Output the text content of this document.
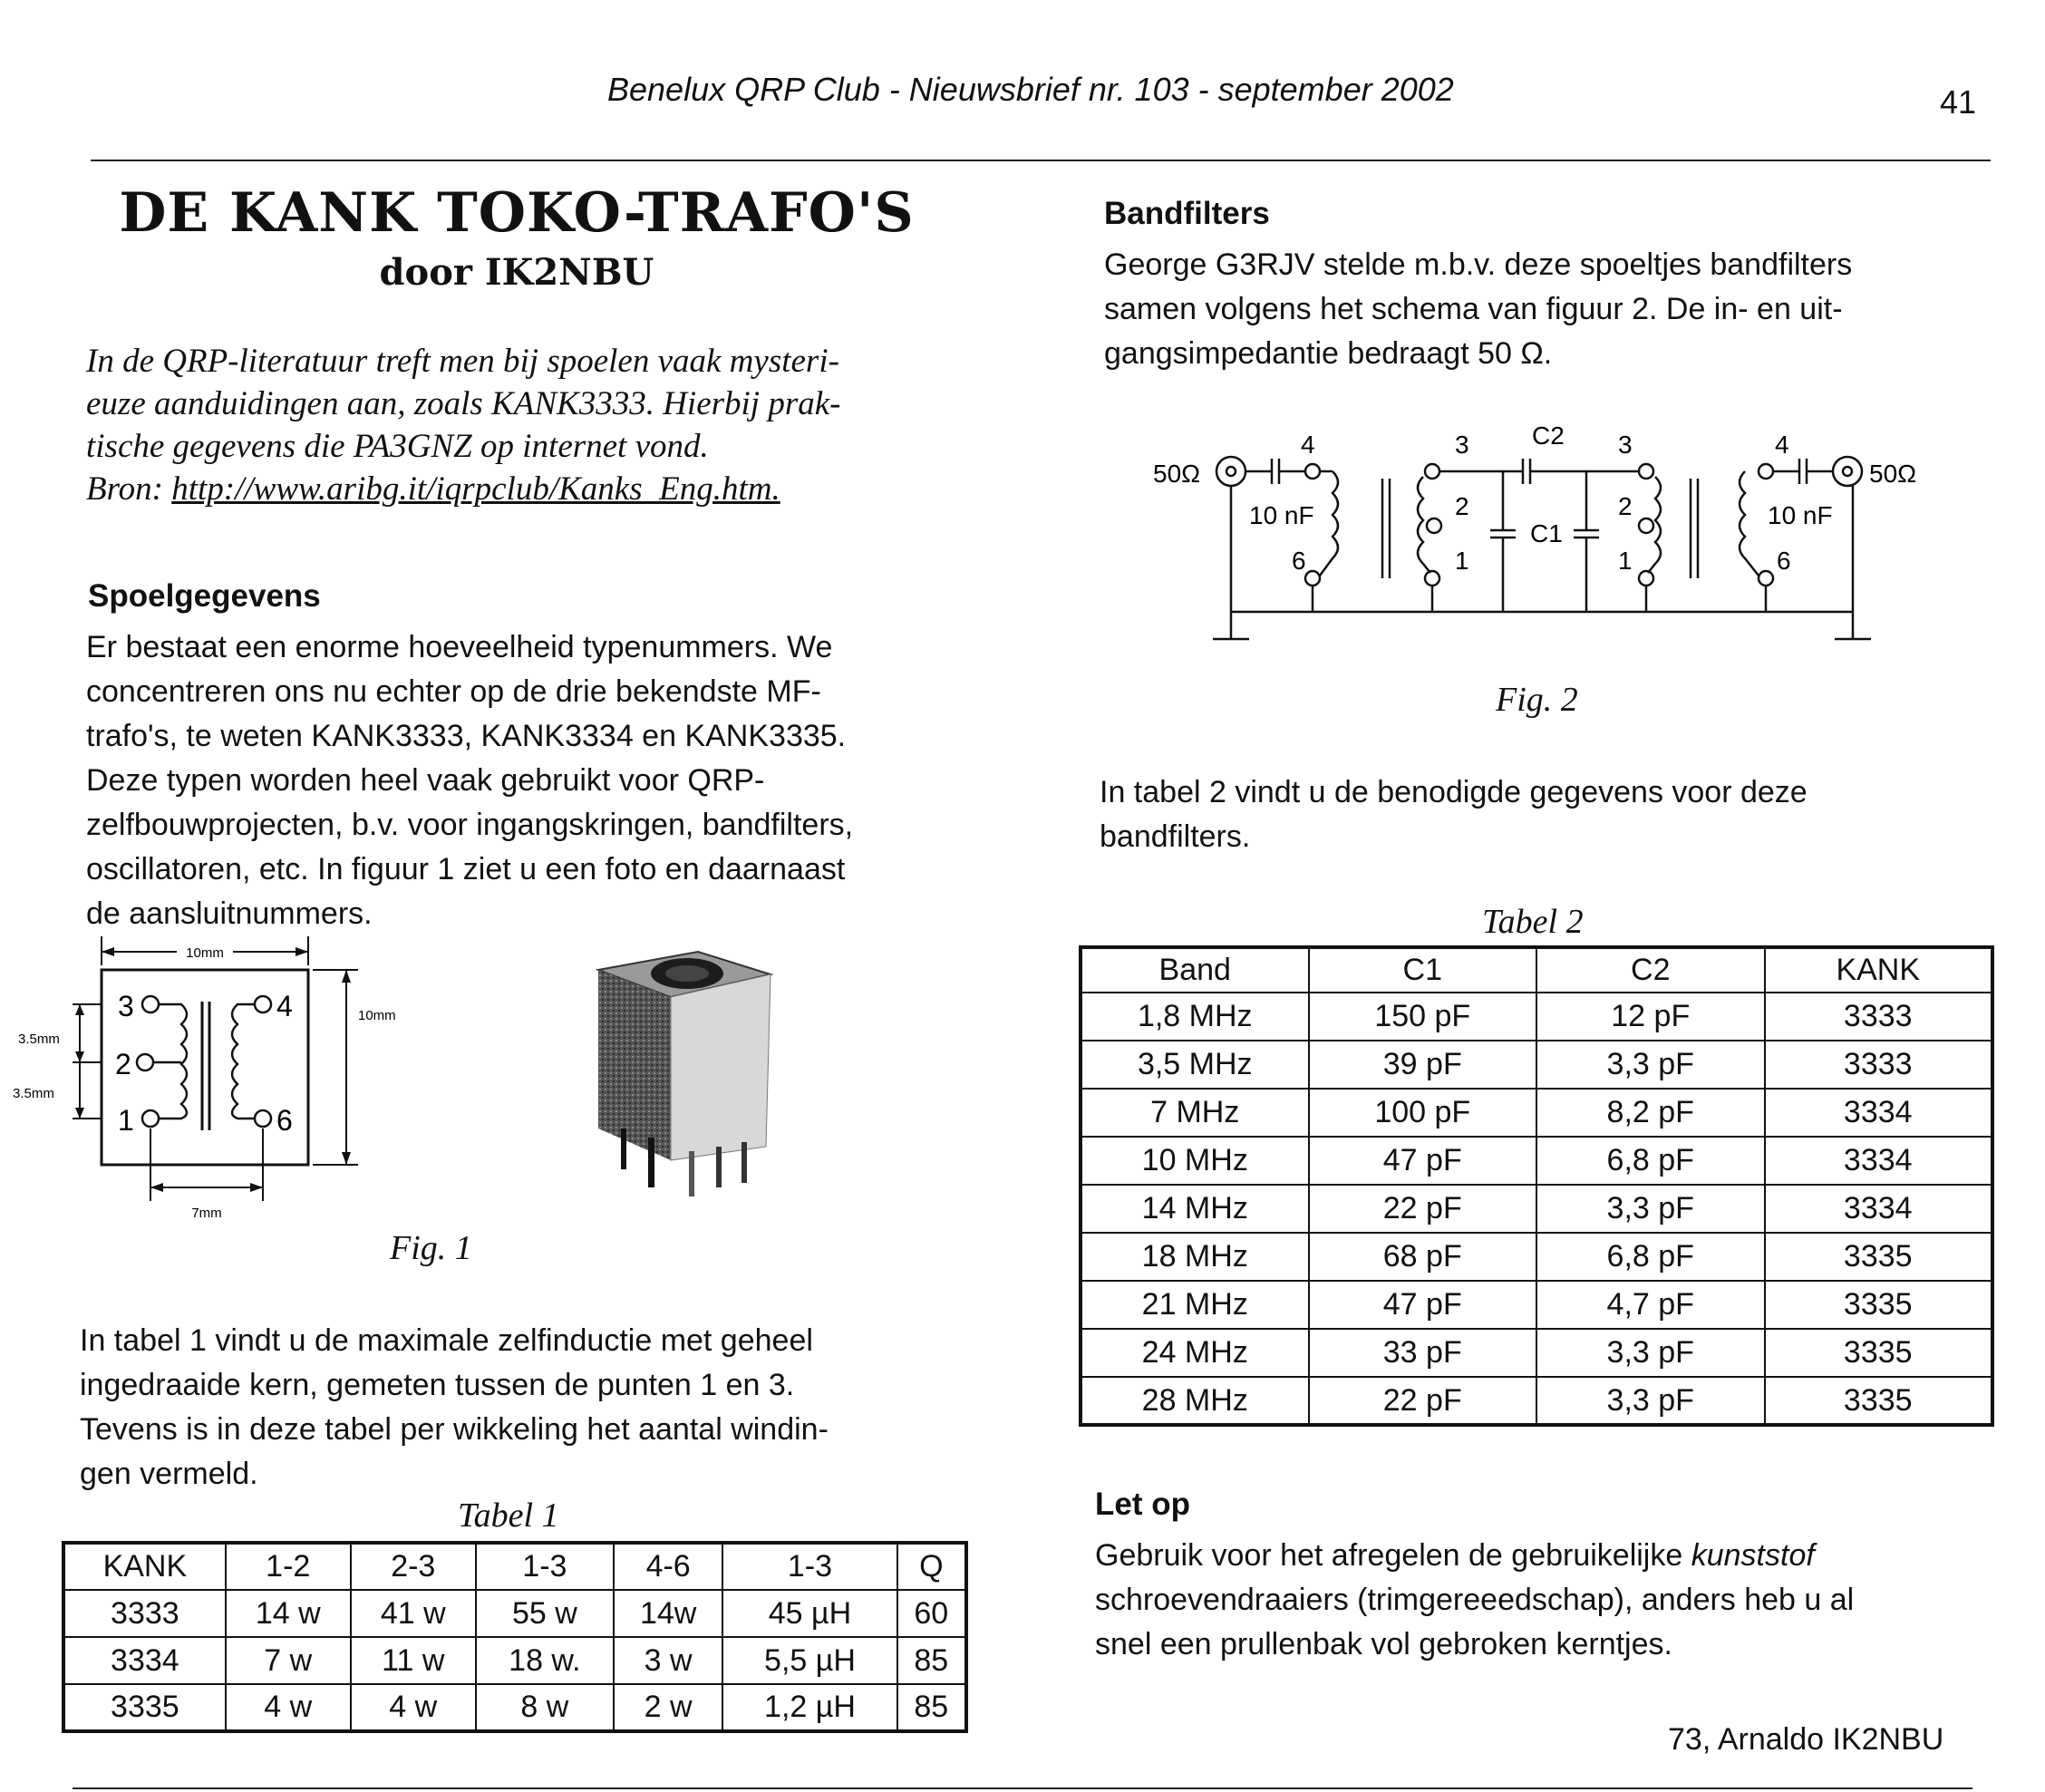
Benelux QRP Club - Nieuwsbrief nr. 103 - september 2002	41
DE KANK TOKO-TRAFO'S
door IK2NBU
In de QRP-literatuur treft men bij spoelen vaak mysteri-
euze aanduidingen aan, zoals KANK3333. Hierbij prak-
tische gegevens die PA3GNZ op internet vond.
Bron: http://www.aribg.it/iqrpclub/Kanks_Eng.htm.
Spoelgegevens
Er bestaat een enorme hoeveelheid typenummers. We
concentreren ons nu echter op de drie bekendste MF-
trafo's, te weten KANK3333, KANK3334 en KANK3335.
Deze typen worden heel vaak gebruikt voor QRP-
zelfbouwprojecten, b.v. voor ingangskringen, bandfilters,
oscillatoren, etc. In figuur 1 ziet u een foto en daarnaast
de aansluitnummers.
10mm
10mm
3.5mm
3.5mm
3
2
1
4
6
7mm
Fig. 1
In tabel 1 vindt u de maximale zelfinductie met geheel
ingedraaide kern, gemeten tussen de punten 1 en 3.
Tevens is in deze tabel per wikkeling het aantal windin-
gen vermeld.
Tabel 1
KANK	1-2	2-3	1-3	4-6	1-3	Q
3333	14 w	41 w	55 w	14w	45 µH	60
3334	7 w	11 w	18 w.	3 w	5,5 µH	85
3335	4 w	4 w	8 w	2 w	1,2 µH	85
Bandfilters
George G3RJV stelde m.b.v. deze spoeltjes bandfilters
samen volgens het schema van figuur 2. De in- en uit-
gangsimpedantie bedraagt 50 Ω.
50Ω	50Ω
10 nF	10 nF
4
6
3
2
1
C2
C1
3
2
1
4
6
Fig. 2
In tabel 2 vindt u de benodigde gegevens voor deze
bandfilters.
Tabel 2
Band	C1	C2	KANK
1,8 MHz	150 pF	12 pF	3333
3,5 MHz	39 pF	3,3 pF	3333
7 MHz	100 pF	8,2 pF	3334
10 MHz	47 pF	6,8 pF	3334
14 MHz	22 pF	3,3 pF	3334
18 MHz	68 pF	6,8 pF	3335
21 MHz	47 pF	4,7 pF	3335
24 MHz	33 pF	3,3 pF	3335
28 MHz	22 pF	3,3 pF	3335
Let op
Gebruik voor het afregelen de gebruikelijke kunststof
schroevendraaiers (trimgereeedschap), anders heb u al
snel een prullenbak vol gebroken kerntjes.
73, Arnaldo IK2NBU
